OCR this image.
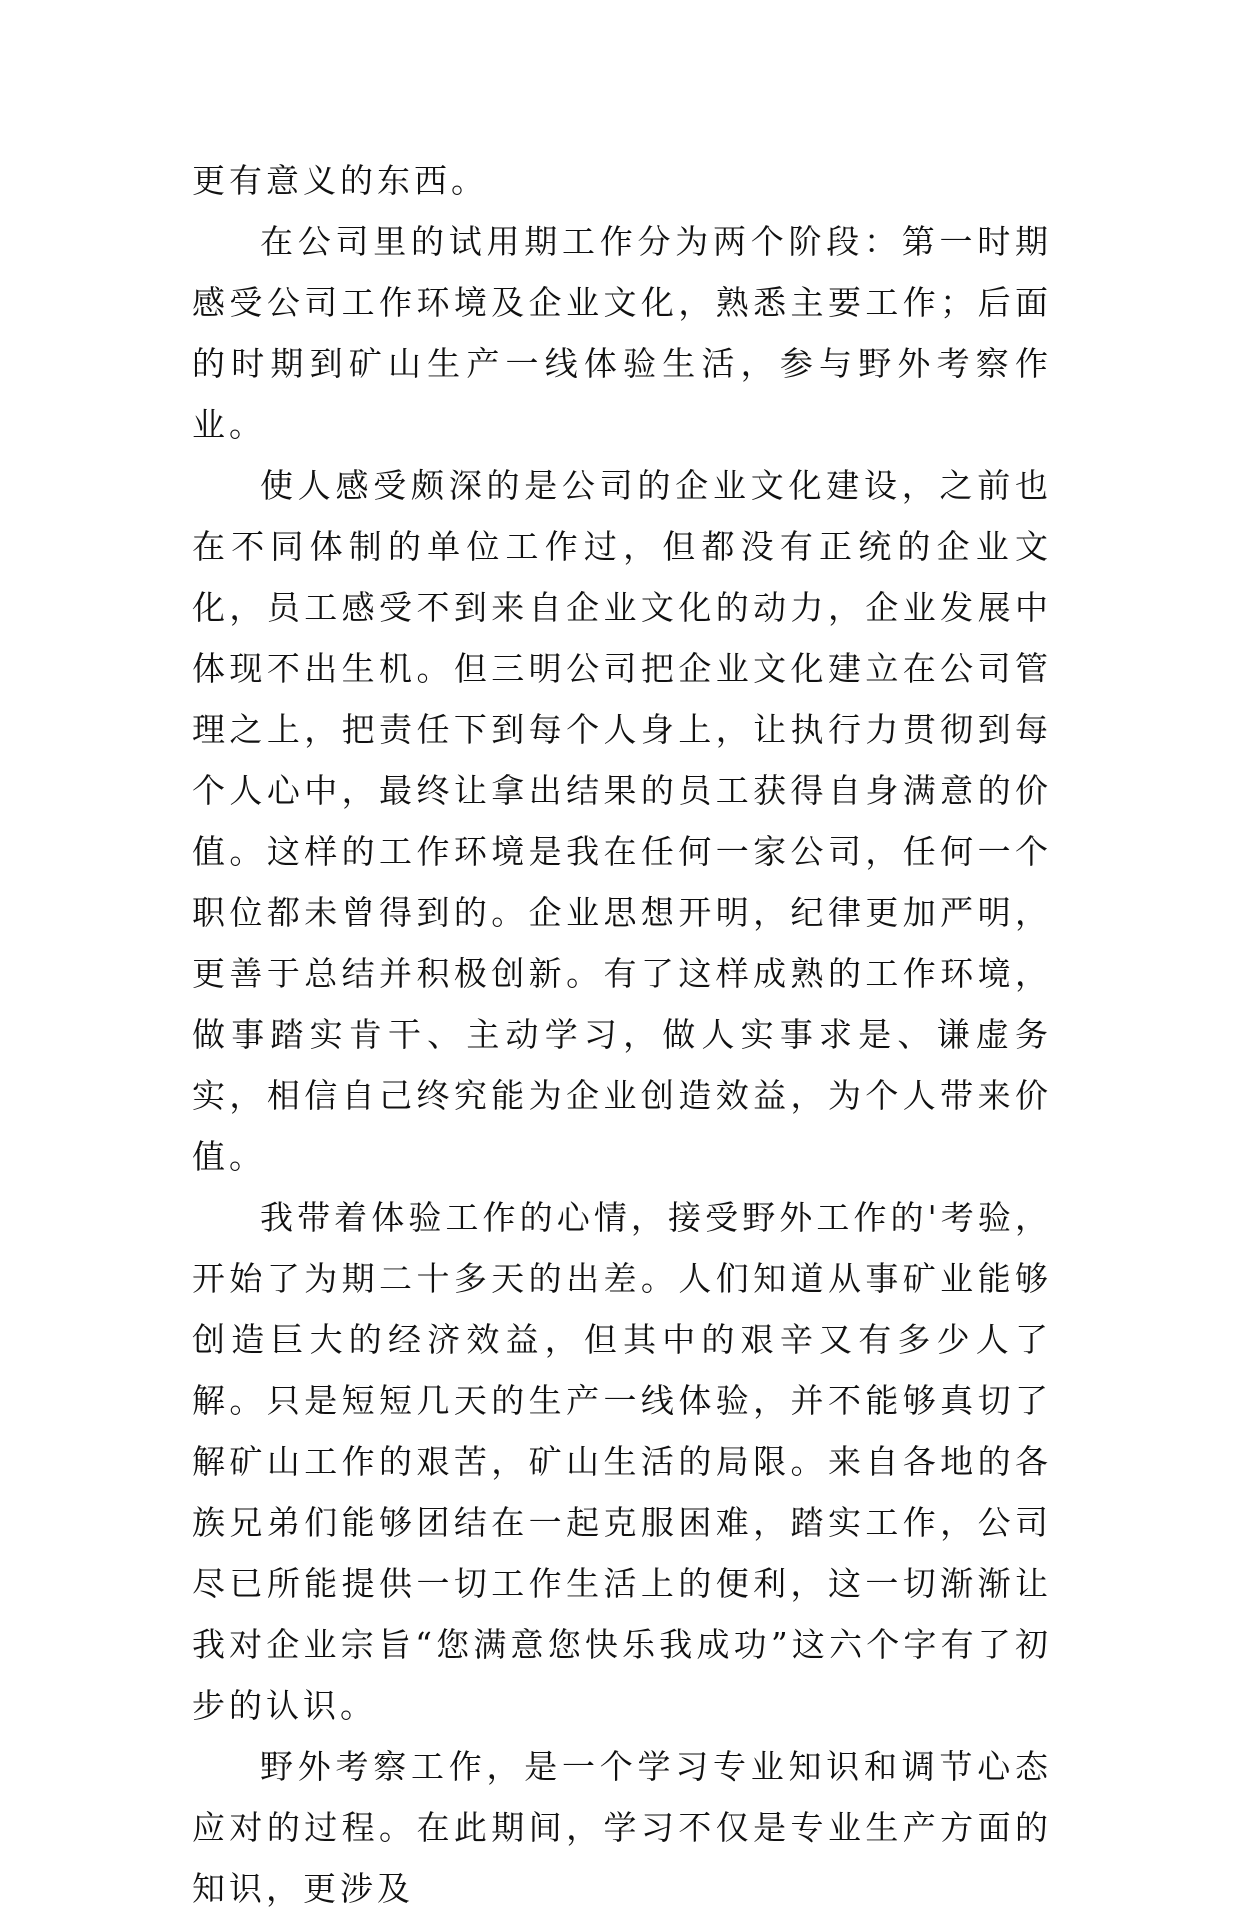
更有意义的东西。

在公司里的试用期工作分为两个阶段：第一时期感受公司工作环境及企业文化，熟悉主要工作；后面的时期到矿山生产一线体验生活，参与野外考察作业。

使人感受颇深的是公司的企业文化建设，之前也在不同体制的单位工作过，但都没有正统的企业文化，员工感受不到来自企业文化的动力，企业发展中体现不出生机。但三明公司把企业文化建立在公司管理之上，把责任下到每个人身上，让执行力贯彻到每个人心中，最终让拿出结果的员工获得自身满意的价值。这样的工作环境是我在任何一家公司，任何一个职位都未曾得到的。企业思想开明，纪律更加严明，更善于总结并积极创新。有了这样成熟的工作环境，做事踏实肯干、主动学习，做人实事求是、谦虚务实，相信自己终究能为企业创造效益，为个人带来价值。

我带着体验工作的心情，接受野外工作的'考验，开始了为期二十多天的出差。人们知道从事矿业能够创造巨大的经济效益，但其中的艰辛又有多少人了解。只是短短几天的生产一线体验，并不能够真切了解矿山工作的艰苦，矿山生活的局限。来自各地的各族兄弟们能够团结在一起克服困难，踏实工作，公司尽已所能提供一切工作生活上的便利，这一切渐渐让我对企业宗旨“您满意您快乐我成功”这六个字有了初步的认识。

野外考察工作，是一个学习专业知识和调节心态应对的过程。在此期间，学习不仅是专业生产方面的知识，更涉及
